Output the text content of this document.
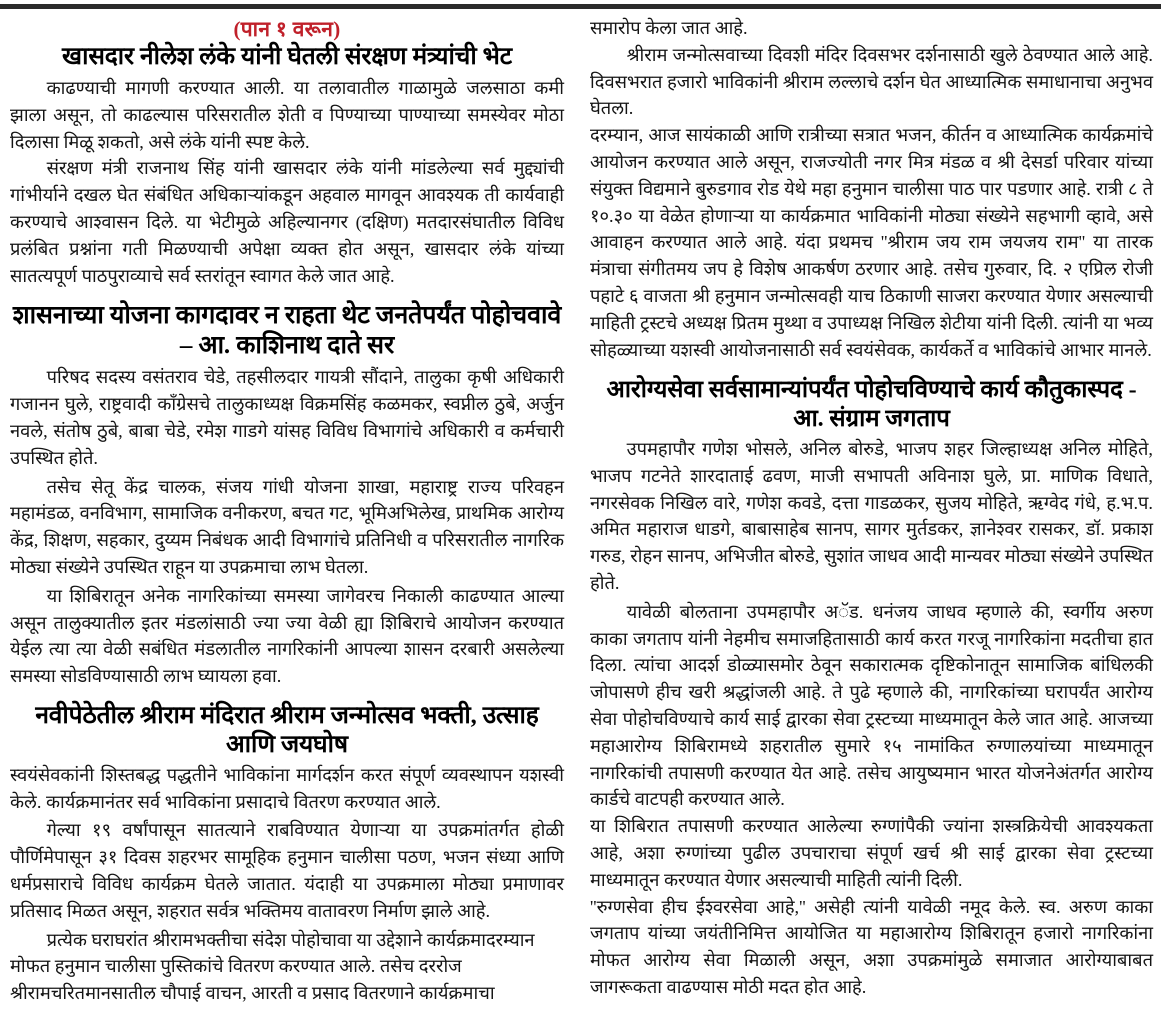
(पान १ वरून)
खासदार नीलेश लंके यांनी घेतली संरक्षण मंत्र्यांची भेट

काढण्याची मागणी करण्यात आली. या तलावातील गाळामुळे जलसाठा कमी झाला असून, तो काढल्यास परिसरातील शेती व पिण्याच्या पाण्याच्या समस्येवर मोठा दिलासा मिळू शकतो, असे लंके यांनी स्पष्ट केले.

संरक्षण मंत्री राजनाथ सिंह यांनी खासदार लंके यांनी मांडलेल्या सर्व मुद्द्यांची गांभीर्याने दखल घेत संबंधित अधिकाऱ्यांकडून अहवाल मागवून आवश्यक ती कार्यवाही करण्याचे आश्वासन दिले. या भेटीमुळे अहिल्यानगर (दक्षिण) मतदारसंघातील विविध प्रलंबित प्रश्नांना गती मिळण्याची अपेक्षा व्यक्त होत असून, खासदार लंके यांच्या सातत्यपूर्ण पाठपुराव्याचे सर्व स्तरांतून स्वागत केले जात आहे.

शासनाच्या योजना कागदावर न राहता थेट जनतेपर्यंत पोहोचवावे – आ. काशिनाथ दाते सर

परिषद सदस्य वसंतराव चेडे, तहसीलदार गायत्री सौंदाने, तालुका कृषी अधिकारी गजानन घुले, राष्ट्रवादी काँग्रेसचे तालुकाध्यक्ष विक्रमसिंह कळमकर, स्वप्नील ठुबे, अर्जुन नवले, संतोष ठुबे, बाबा चेडे, रमेश गाडगे यांसह विविध विभागांचे अधिकारी व कर्मचारी उपस्थित होते.

तसेच सेतू केंद्र चालक, संजय गांधी योजना शाखा, महाराष्ट्र राज्य परिवहन महामंडळ, वनविभाग, सामाजिक वनीकरण, बचत गट, भूमिअभिलेख, प्राथमिक आरोग्य केंद्र, शिक्षण, सहकार, दुय्यम निबंधक आदी विभागांचे प्रतिनिधी व परिसरातील नागरिक मोठ्या संख्येने उपस्थित राहून या उपक्रमाचा लाभ घेतला.

या शिबिरातून अनेक नागरिकांच्या समस्या जागेवरच निकाली काढण्यात आल्या असून तालुक्यातील इतर मंडलांसाठी ज्या ज्या वेळी ह्या शिबिराचे आयोजन करण्यात येईल त्या त्या वेळी सबंधित मंडलातील नागरिकांनी आपल्या शासन दरबारी असलेल्या समस्या सोडविण्यासाठी लाभ घ्यायला हवा.

नवीपेठेतील श्रीराम मंदिरात श्रीराम जन्मोत्सव भक्ती, उत्साह आणि जयघोष

स्वयंसेवकांनी शिस्तबद्ध पद्धतीने भाविकांना मार्गदर्शन करत संपूर्ण व्यवस्थापन यशस्वी केले. कार्यक्रमानंतर सर्व भाविकांना प्रसादाचे वितरण करण्यात आले.

गेल्या १९ वर्षांपासून सातत्याने राबविण्यात येणाऱ्या या उपक्रमांतर्गत होळी पौर्णिमेपासून ३१ दिवस शहरभर सामूहिक हनुमान चालीसा पठण, भजन संध्या आणि धर्मप्रसाराचे विविध कार्यक्रम घेतले जातात. यंदाही या उपक्रमाला मोठ्या प्रमाणावर प्रतिसाद मिळत असून, शहरात सर्वत्र भक्तिमय वातावरण निर्माण झाले आहे.

प्रत्येक घराघरांत श्रीरामभक्तीचा संदेश पोहोचावा या उद्देशाने कार्यक्रमादरम्यान मोफत हनुमान चालीसा पुस्तिकांचे वितरण करण्यात आले. तसेच दररोज श्रीरामचरितमानसातील चौपाई वाचन, आरती व प्रसाद वितरणाने कार्यक्रमाचा

समारोप केला जात आहे.

श्रीराम जन्मोत्सवाच्या दिवशी मंदिर दिवसभर दर्शनासाठी खुले ठेवण्यात आले आहे. दिवसभरात हजारो भाविकांनी श्रीराम लल्लाचे दर्शन घेत आध्यात्मिक समाधानाचा अनुभव घेतला.

दरम्यान, आज सायंकाळी आणि रात्रीच्या सत्रात भजन, कीर्तन व आध्यात्मिक कार्यक्रमांचे आयोजन करण्यात आले असून, राजज्योती नगर मित्र मंडळ व श्री देसर्डा परिवार यांच्या संयुक्त विद्यमाने बुरुडगाव रोड येथे महा हनुमान चालीसा पाठ पार पडणार आहे. रात्री ८ ते १०.३० या वेळेत होणाऱ्या या कार्यक्रमात भाविकांनी मोठ्या संख्येने सहभागी व्हावे, असे आवाहन करण्यात आले आहे. यंदा प्रथमच ''श्रीराम जय राम जयजय राम'' या तारक मंत्राचा संगीतमय जप हे विशेष आकर्षण ठरणार आहे. तसेच गुरुवार, दि. २ एप्रिल रोजी पहाटे ६ वाजता श्री हनुमान जन्मोत्सवही याच ठिकाणी साजरा करण्यात येणार असल्याची माहिती ट्रस्टचे अध्यक्ष प्रितम मुथ्था व उपाध्यक्ष निखिल शेटीया यांनी दिली. त्यांनी या भव्य सोहळ्याच्या यशस्वी आयोजनासाठी सर्व स्वयंसेवक, कार्यकर्ते व भाविकांचे आभार मानले.

आरोग्यसेवा सर्वसामान्यांपर्यंत पोहोचविण्याचे कार्य कौतुकास्पद - आ. संग्राम जगताप

उपमहापौर गणेश भोसले, अनिल बोरुडे, भाजप शहर जिल्हाध्यक्ष अनिल मोहिते, भाजप गटनेते शारदाताई ढवण, माजी सभापती अविनाश घुले, प्रा. माणिक विधाते, नगरसेवक निखिल वारे, गणेश कवडे, दत्ता गाडळकर, सुजय मोहिते, ऋग्वेद गंधे, ह.भ.प. अमित महाराज धाडगे, बाबासाहेब सानप, सागर मुर्तडकर, ज्ञानेश्वर रासकर, डॉ. प्रकाश गरुड, रोहन सानप, अभिजीत बोरुडे, सुशांत जाधव आदी मान्यवर मोठ्या संख्येने उपस्थित होते.

यावेळी बोलताना उपमहापौर अॅड. धनंजय जाधव म्हणाले की, स्वर्गीय अरुण काका जगताप यांनी नेहमीच समाजहितासाठी कार्य करत गरजू नागरिकांना मदतीचा हात दिला. त्यांचा आदर्श डोळ्यासमोर ठेवून सकारात्मक दृष्टिकोनातून सामाजिक बांधिलकी जोपासणे हीच खरी श्रद्धांजली आहे. ते पुढे म्हणाले की, नागरिकांच्या घरापर्यंत आरोग्य सेवा पोहोचविण्याचे कार्य साई द्वारका सेवा ट्रस्टच्या माध्यमातून केले जात आहे. आजच्या महाआरोग्य शिबिरामध्ये शहरातील सुमारे १५ नामांकित रुग्णालयांच्या माध्यमातून नागरिकांची तपासणी करण्यात येत आहे. तसेच आयुष्यमान भारत योजनेअंतर्गत आरोग्य कार्डचे वाटपही करण्यात आले.

या शिबिरात तपासणी करण्यात आलेल्या रुग्णांपैकी ज्यांना शस्त्रक्रियेची आवश्यकता आहे, अशा रुग्णांच्या पुढील उपचाराचा संपूर्ण खर्च श्री साई द्वारका सेवा ट्रस्टच्या माध्यमातून करण्यात येणार असल्याची माहिती त्यांनी दिली.

''रुग्णसेवा हीच ईश्वरसेवा आहे,'' असेही त्यांनी यावेळी नमूद केले. स्व. अरुण काका जगताप यांच्या जयंतीनिमित्त आयोजित या महाआरोग्य शिबिरातून हजारो नागरिकांना मोफत आरोग्य सेवा मिळाली असून, अशा उपक्रमांमुळे समाजात आरोग्याबाबत जागरूकता वाढण्यास मोठी मदत होत आहे.
